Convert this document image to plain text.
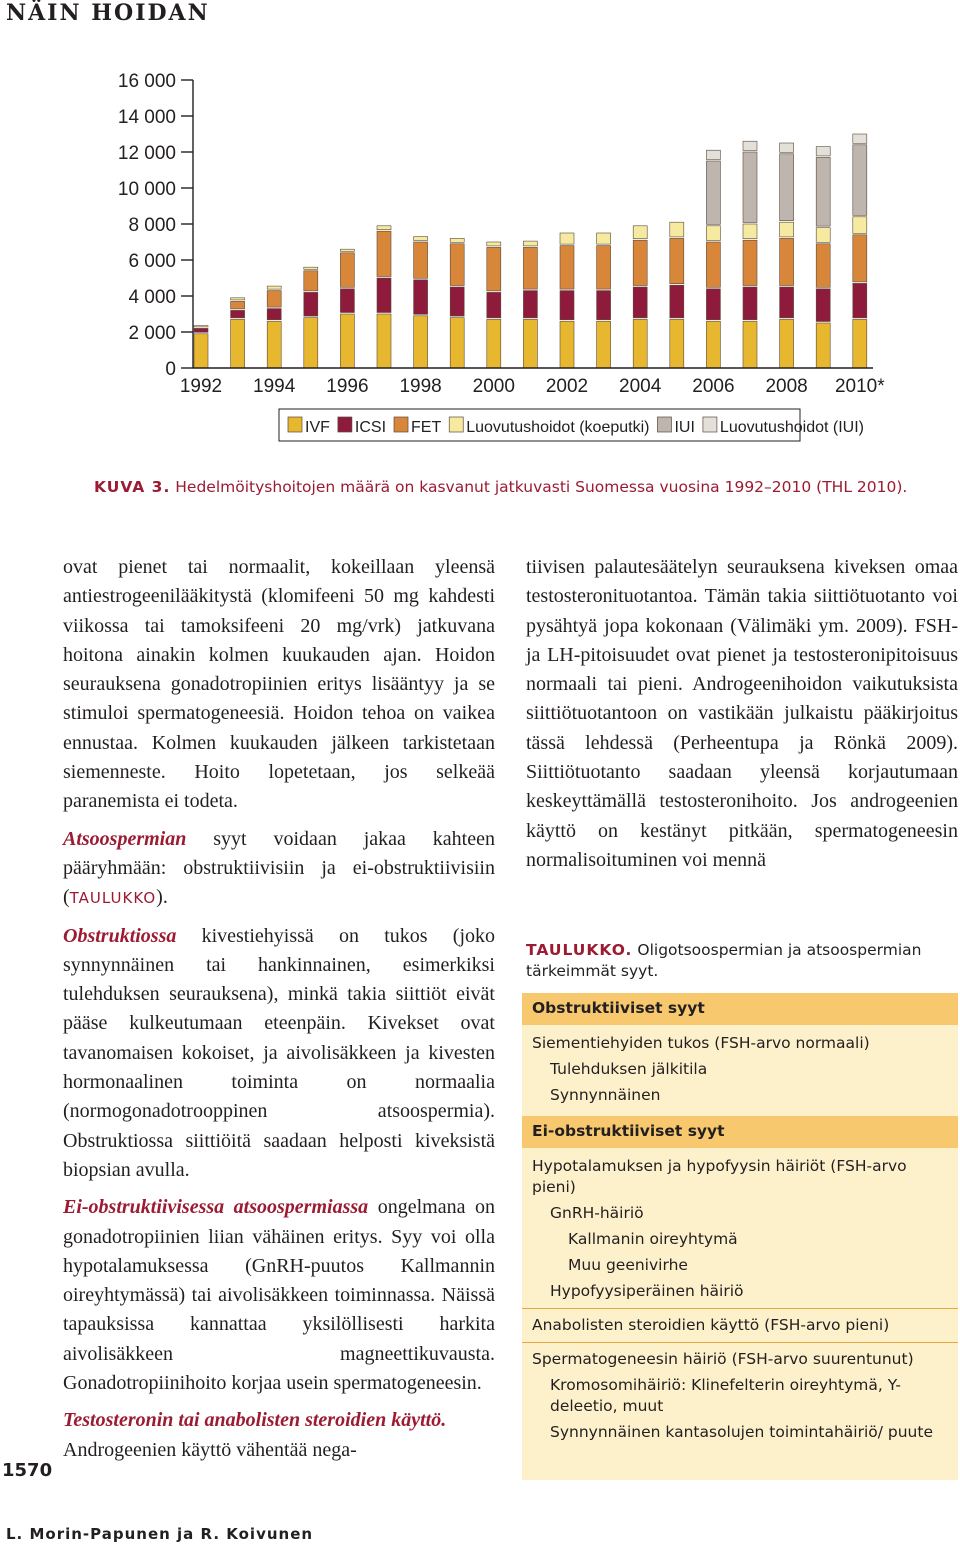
NÄIN HOIDAN
0
2 000
4 000
6 000
8 000
10 000
12 000
14 000
16 000
1992 1994 1996 1998 2000 2002 2004 2006 2008 2010*
IVF ICSI FET Luovutushoidot (koeputki) IUI Luovutushoidot (IUI)
KUVA 3. Hedelmöityshoitojen määrä on kasvanut jatkuvasti Suomessa vuosina 1992–2010 (THL 2010).

ovat pienet tai normaalit, kokeillaan yleensä antiestrogeenilääkitystä (klomifeeni 50 mg kahdesti viikossa tai tamoksifeeni 20 mg/vrk) jatkuvana hoitona ainakin kolmen kuukauden ajan. Hoidon seurauksena gonadotropiinien eritys lisääntyy ja se stimuloi spermatogeneesiä. Hoidon tehoa on vaikea ennustaa. Kolmen kuukauden jälkeen tarkistetaan siemenneste. Hoito lopetetaan, jos selkeää paranemista ei todeta.

Atsoospermian syyt voidaan jakaa kahteen pääryhmään: obstruktiivisiin ja ei-obstruktiivisiin (TAULUKKO).

Obstruktiossa kivestiehyissä on tukos (joko synnynnäinen tai hankinnainen, esimerkiksi tulehduksen seurauksena), minkä takia siittiöt eivät pääse kulkeutumaan eteenpäin. Kivekset ovat tavanomaisen kokoiset, ja aivolisäkkeen ja kivesten hormonaalinen toiminta on normaalia (normogonadotrooppinen atsoospermia). Obstruktiossa siittiöitä saadaan helposti kiveksistä biopsian avulla.

Ei-obstruktiivisessa atsoospermiassa ongelmana on gonadotropiinien liian vähäinen eritys. Syy voi olla hypotalamuksessa (GnRH-puutos Kallmannin oireyhtymässä) tai aivolisäkkeen toiminnassa. Näissä tapauksissa kannattaa yksilöllisesti harkita aivolisäkkeen magneettikuvausta. Gonadotropiinihoito korjaa usein spermatogeneesin.

Testosteronin tai anabolisten steroidien käyttö. Androgeenien käyttö vähentää nega-

tiivisen palautesäätelyn seurauksena kiveksen omaa testosteronituotantoa. Tämän takia siittiötuotanto voi pysähtyä jopa kokonaan (Välimäki ym. 2009). FSH- ja LH-pitoisuudet ovat pienet ja testosteronipitoisuus normaali tai pieni. Androgeenihoidon vaikutuksista siittiötuotantoon on vastikään julkaistu pääkirjoitus tässä lehdessä (Perheentupa ja Rönkä 2009). Siittiötuotanto saadaan yleensä korjautumaan keskeyttämällä testosteronihoito. Jos androgeenien käyttö on kestänyt pitkään, spermatogeneesin normalisoituminen voi mennä

TAULUKKO. Oligotsoospermian ja atsoospermian tärkeimmät syyt.
Obstruktiiviset syyt
Siementiehyiden tukos (FSH-arvo normaali)
Tulehduksen jälkitila
Synnynnäinen
Ei-obstruktiiviset syyt
Hypotalamuksen ja hypofyysin häiriöt (FSH-arvo pieni)
GnRH-häiriö
Kallmanin oireyhtymä
Muu geenivirhe
Hypofyysiperäinen häiriö
Anabolisten steroidien käyttö (FSH-arvo pieni)
Spermatogeneesin häiriö (FSH-arvo suurentunut)
Kromosomihäiriö: Klinefelterin oireyhtymä, Y-deleetio, muut
Synnynnäinen kantasolujen toimintahäiriö/ puute
1570
L. Morin-Papunen ja R. Koivunen
